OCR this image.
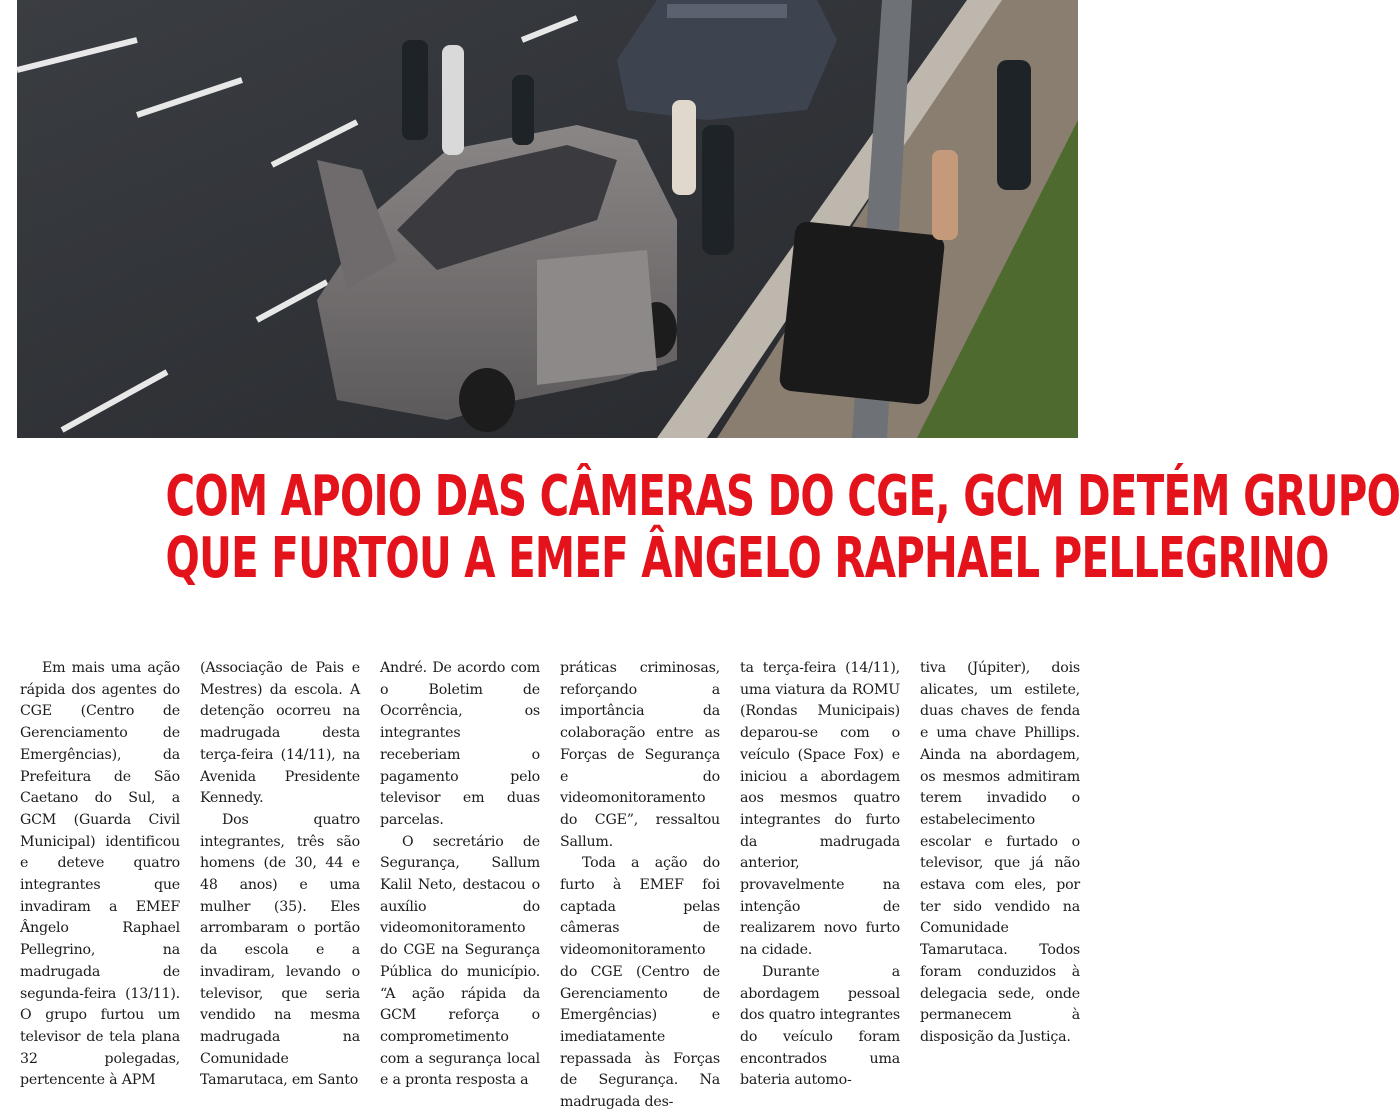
COM APOIO DAS CÂMERAS DO CGE, GCM DETÉM GRUPO
QUE FURTOU A EMEF ÂNGELO RAPHAEL PELLEGRINO

Em mais uma ação rápida dos agentes do CGE (Centro de Gerenciamento de Emergências), da Prefeitura de São Caetano do Sul, a GCM (Guarda Civil Municipal) identificou e deteve quatro integrantes que invadiram a EMEF Ângelo Raphael Pellegrino, na madrugada de segunda-feira (13/11). O grupo furtou um televisor de tela plana 32 polegadas, pertencente à APM

(Associação de Pais e Mestres) da escola. A detenção ocorreu na madrugada desta terça-feira (14/11), na Avenida Presidente Kennedy.

Dos quatro integrantes, três são homens (de 30, 44 e 48 anos) e uma mulher (35). Eles arrombaram o portão da escola e a invadiram, levando o televisor, que seria vendido na mesma madrugada na Comunidade Tamarutaca, em Santo

André. De acordo com o Boletim de Ocorrência, os integrantes receberiam o pagamento pelo televisor em duas parcelas.

O secretário de Segurança, Sallum Kalil Neto, destacou o auxílio do videomonitoramento do CGE na Segurança Pública do município. “A ação rápida da GCM reforça o comprometimento com a segurança local e a pronta resposta a

práticas criminosas, reforçando a importância da colaboração entre as Forças de Segurança e do videomonitoramento do CGE”, ressaltou Sallum.

Toda a ação do furto à EMEF foi captada pelas câmeras de videomonitoramento do CGE (Centro de Gerenciamento de Emergências) e imediatamente repassada às Forças de Segurança. Na madrugada des-

ta terça-feira (14/11), uma viatura da ROMU (Rondas Municipais) deparou-se com o veículo (Space Fox) e iniciou a abordagem aos mesmos quatro integrantes do furto da madrugada anterior, provavelmente na intenção de realizarem novo furto na cidade.

Durante a abordagem pessoal dos quatro integrantes do veículo foram encontrados uma bateria automo-

tiva (Júpiter), dois alicates, um estilete, duas chaves de fenda e uma chave Phillips. Ainda na abordagem, os mesmos admitiram terem invadido o estabelecimento escolar e furtado o televisor, que já não estava com eles, por ter sido vendido na Comunidade Tamarutaca. Todos foram conduzidos à delegacia sede, onde permanecem à disposição da Justiça.
